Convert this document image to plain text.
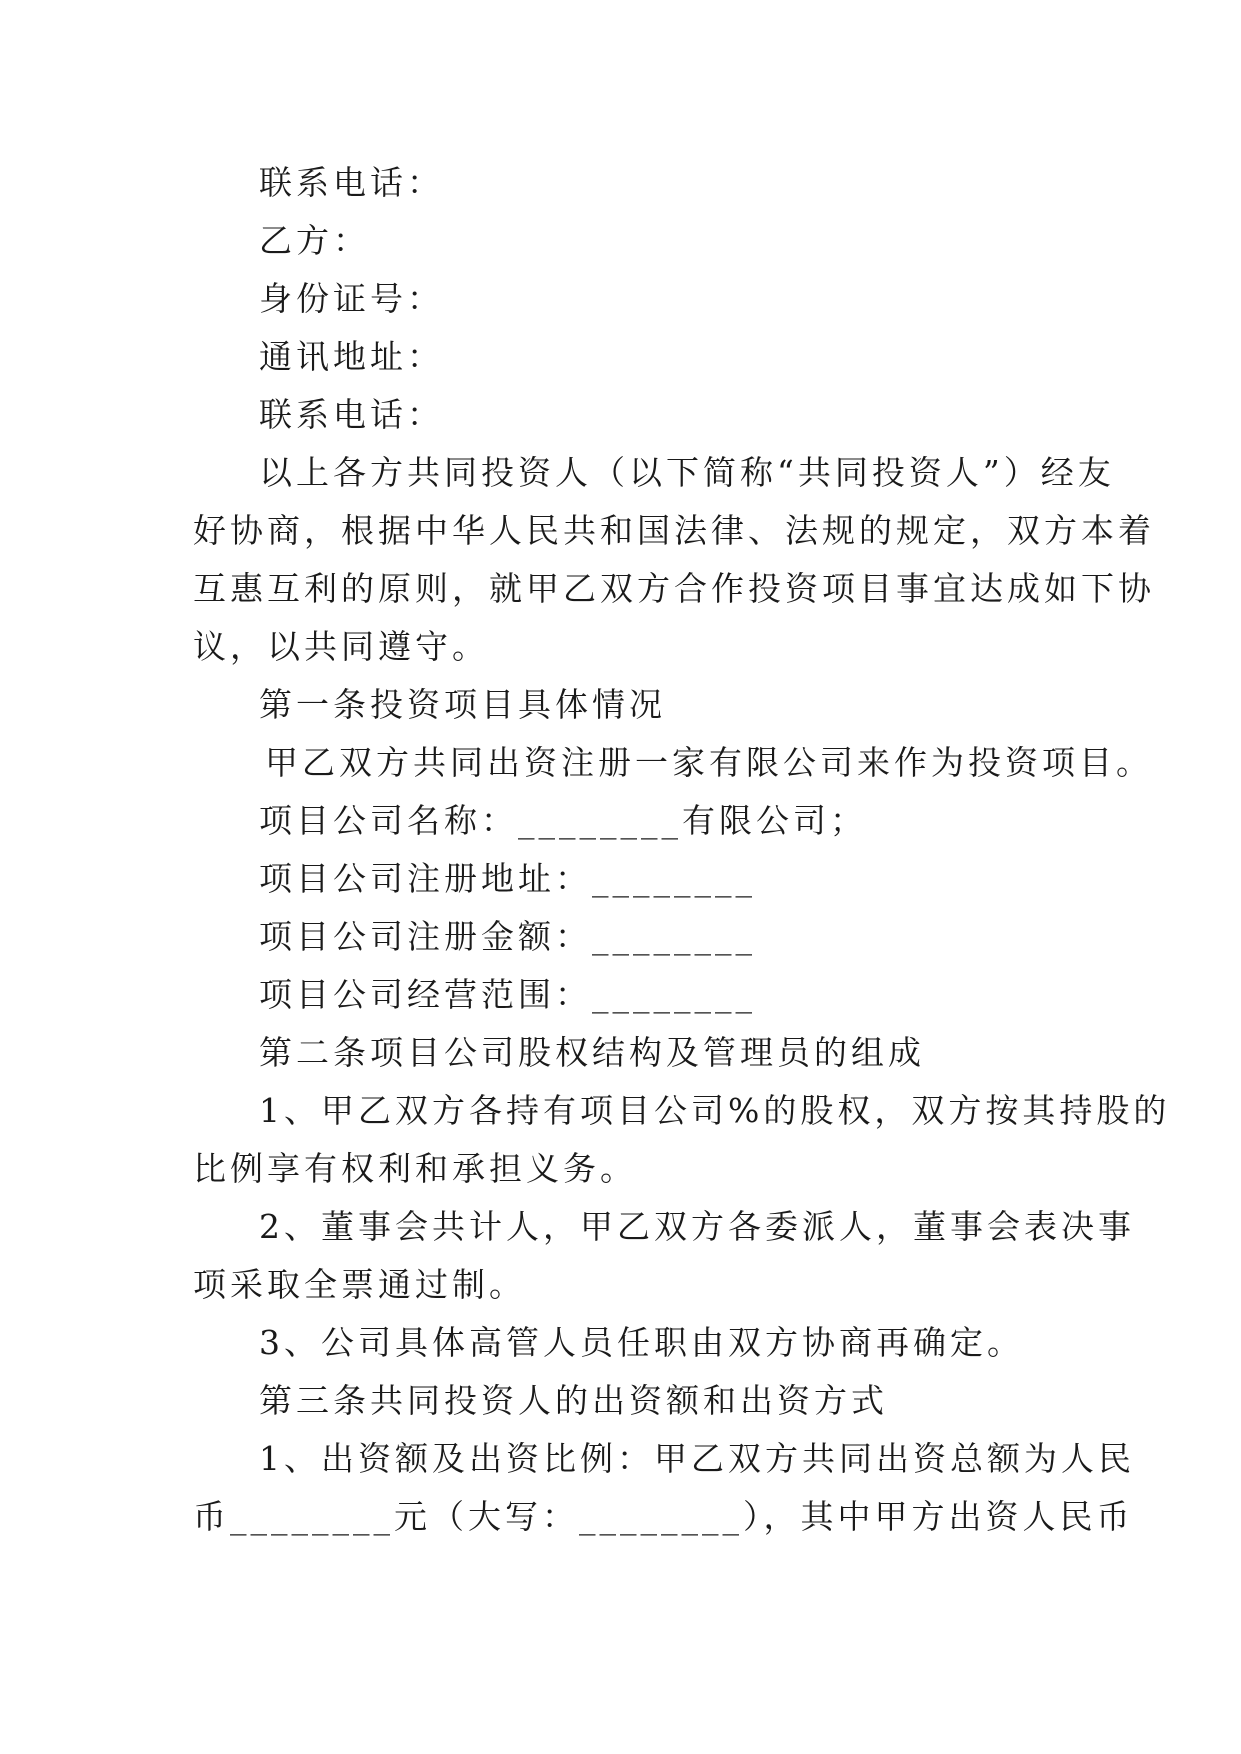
联系电话：

乙方：

身份证号：

通讯地址：

联系电话：

以上各方共同投资人（以下简称“共同投资人”）经友

好协商，根据中华人民共和国法律、法规的规定，双方本着

互惠互利的原则，就甲乙双方合作投资项目事宜达成如下协

议，以共同遵守。

第一条投资项目具体情况

甲乙双方共同出资注册一家有限公司来作为投资项目。

项目公司名称：________有限公司；

项目公司注册地址：________

项目公司注册金额：________

项目公司经营范围：________

第二条项目公司股权结构及管理员的组成

1、甲乙双方各持有项目公司%的股权，双方按其持股的

比例享有权利和承担义务。

2、董事会共计人，甲乙双方各委派人，董事会表决事

项采取全票通过制。

3、公司具体高管人员任职由双方协商再确定。

第三条共同投资人的出资额和出资方式

1、出资额及出资比例：甲乙双方共同出资总额为人民

币________元（大写：________），其中甲方出资人民币
